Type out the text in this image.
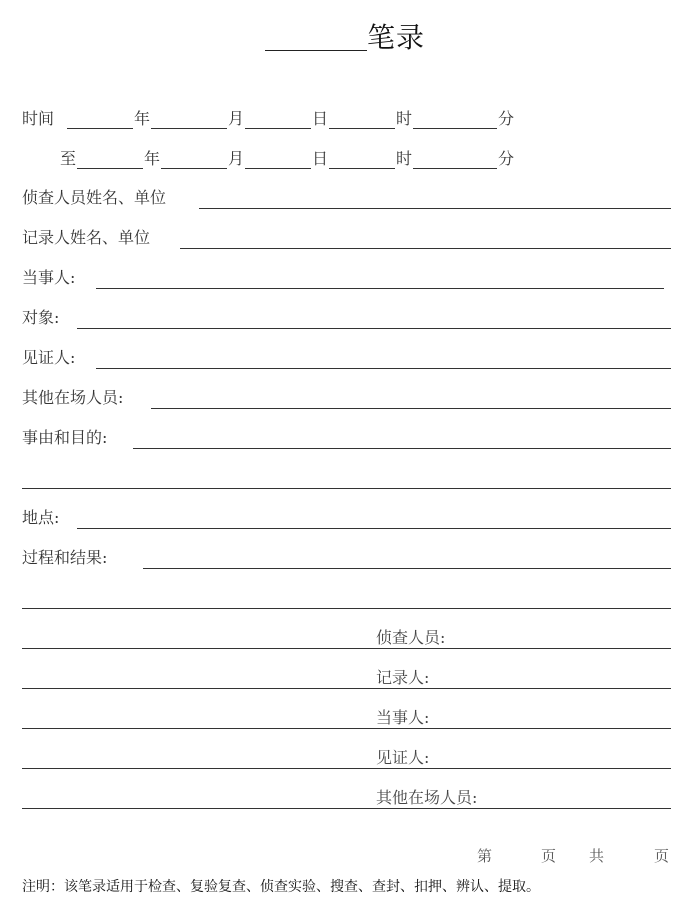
笔录
时间	年	月	日	时	分
至	年	月	日	时	分
侦查人员姓名、单位
记录人姓名、单位
当事人:
对象:
见证人:
其他在场人员:
事由和目的:
地点:
过程和结果:
侦查人员:
记录人:
当事人:
见证人:
其他在场人员:
第	页 共	页
注明：该笔录适用于检查、复验复查、侦查实验、搜查、查封、扣押、辨认、提取。
